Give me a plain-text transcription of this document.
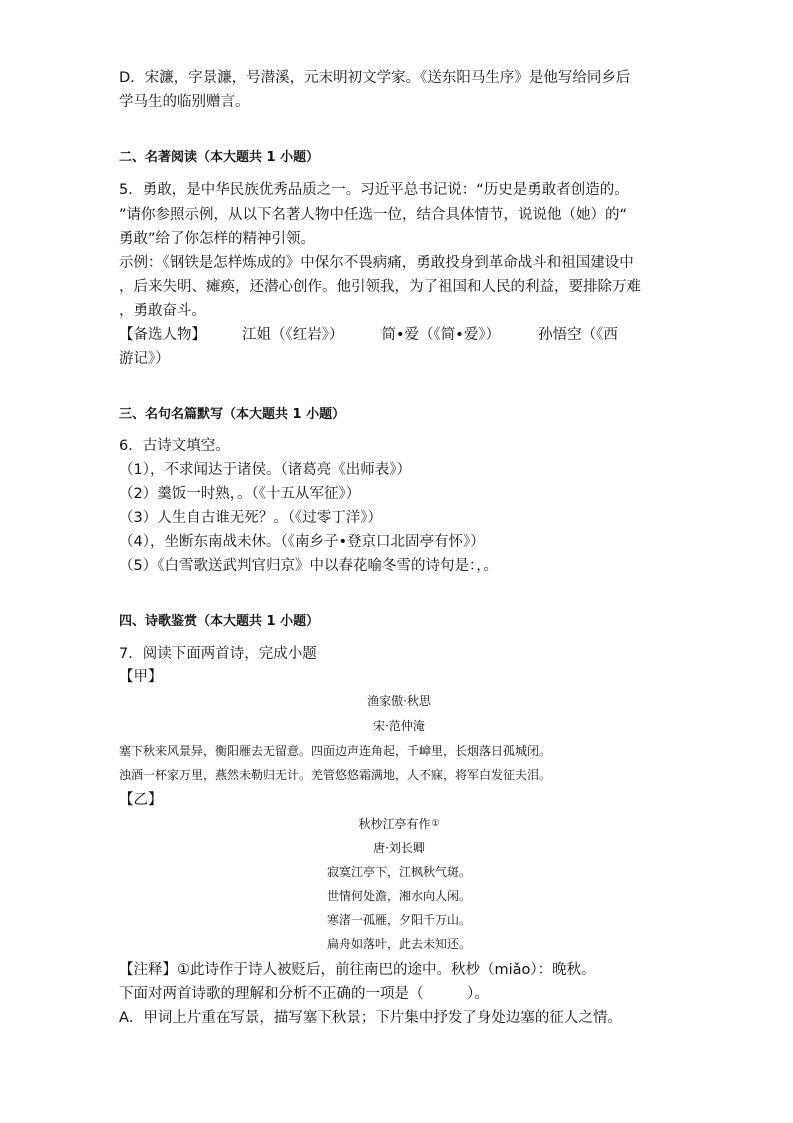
D．宋濂，字景濂，号潜溪，元末明初文学家。《送东阳马生序》是他写给同乡后
学马生的临别赠言。
二、名著阅读（本大题共 1 小题）
5．勇敢，是中华民族优秀品质之一。习近平总书记说：“历史是勇敢者创造的。
”请你参照示例，从以下名著人物中任选一位，结合具体情节，说说他（她）的“
勇敢”给了你怎样的精神引领。
示例：《钢铁是怎样炼成的》中保尔不畏病痛，勇敢投身到革命战斗和祖国建设中
，后来失明、瘫痪，还潜心创作。他引领我，为了祖国和人民的利益，要排除万难
，勇敢奋斗。
【备选人物】 江姐（《红岩》）	简•爱（《简•爱》）	孙悟空（《西
游记》）
三、名句名篇默写（本大题共 1 小题）
6．古诗文填空。
（1），不求闻达于诸侯。（诸葛亮《出师表》）
（2）羹饭一时熟，。（《十五从军征》）
（3）人生自古谁无死？。（《过零丁洋》）
（4），坐断东南战未休。（《南乡子•登京口北固亭有怀》）
（5）《白雪歌送武判官归京》中以春花喻冬雪的诗句是：，。
四、诗歌鉴赏（本大题共 1 小题）
7．阅读下面两首诗，完成小题
【甲】
渔家傲·秋思
宋·范仲淹
塞下秋来风景异，衡阳雁去无留意。四面边声连角起，千嶂里，长烟落日孤城闭。
浊酒一杯家万里，燕然未勒归无计。羌管悠悠霜满地，人不寐，将军白发征夫泪。
【乙】
秋杪江亭有作①
唐·刘长卿
寂寞江亭下，江枫秋气斑。
世情何处澹，湘水向人闲。
寒渚一孤雁，夕阳千万山。
扁舟如落叶，此去未知还。
【注释】①此诗作于诗人被贬后，前往南巴的途中。秋杪（miǎo）：晚秋。
下面对两首诗歌的理解和分析不正确的一项是（　　　）。
A．甲词上片重在写景，描写塞下秋景；下片集中抒发了身处边塞的征人之情。
